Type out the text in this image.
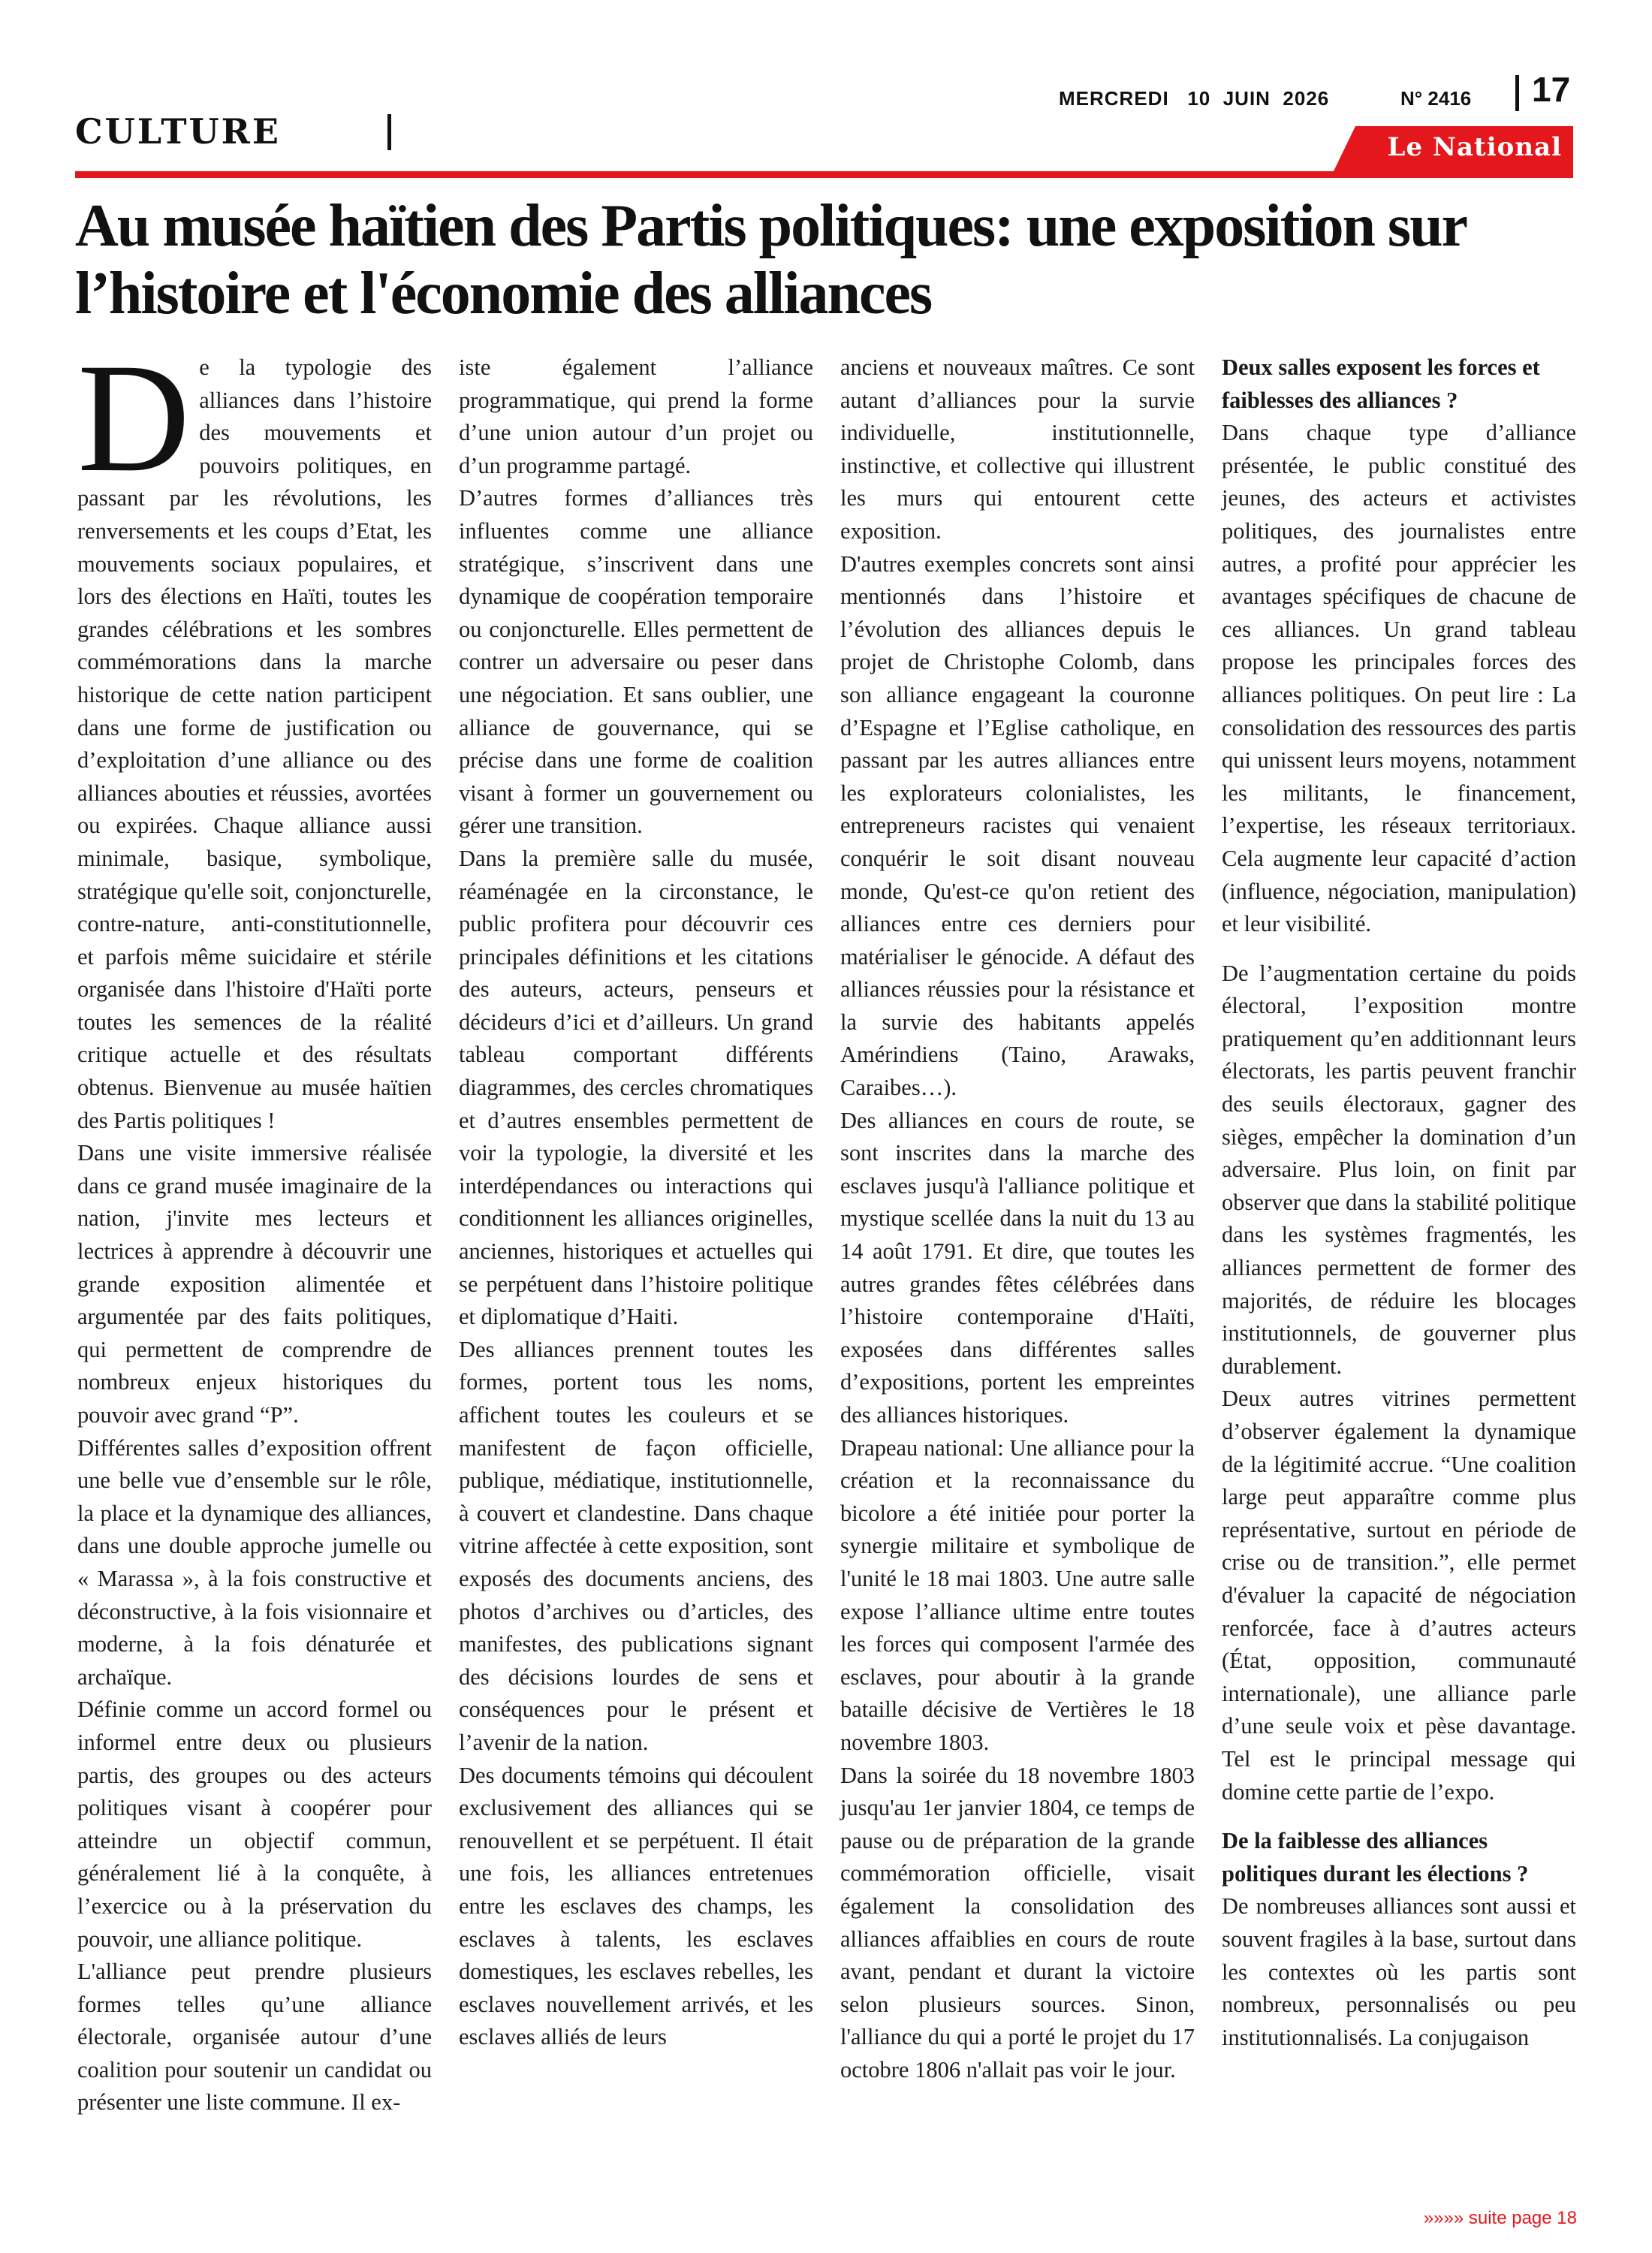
CULTURE
MERCREDI   10  JUIN  2026	N° 2416 17
Le National
Au musée haïtien des Partis politiques: une exposition sur l’histoire et l'économie des alliances

De la typologie des alliances dans l’histoire des mouvements et pouvoirs politiques, en passant par les révolutions, les renversements et les coups d’Etat, les mouvements sociaux populaires, et lors des élections en Haïti, toutes les grandes célébrations et les sombres commémorations dans la marche historique de cette nation participent dans une forme de justification ou d’exploitation d’une alliance ou des alliances abouties et réussies, avortées ou expirées. Chaque alliance aussi minimale, basique, symbolique, stratégique qu'elle soit, conjoncturelle, contre-nature, anti-constitutionnelle, et parfois même suicidaire et stérile organisée dans l'histoire d'Haïti porte toutes les semences de la réalité critique actuelle et des résultats obtenus. Bienvenue au musée haïtien des Partis politiques !

Dans une visite immersive réalisée dans ce grand musée imaginaire de la nation, j'invite mes lecteurs et lectrices à apprendre à découvrir une grande exposition alimentée et argumentée par des faits politiques, qui permettent de comprendre de nombreux enjeux historiques du pouvoir avec grand “P”.

Différentes salles d’exposition offrent une belle vue d’ensemble sur le rôle, la place et la dynamique des alliances, dans une double approche jumelle ou « Marassa », à la fois constructive et déconstructive, à la fois visionnaire et moderne, à la fois dénaturée et archaïque.

Définie comme un accord formel ou informel entre deux ou plusieurs partis, des groupes ou des acteurs politiques visant à coopérer pour atteindre un objectif commun, généralement lié à la conquête, à l’exercice ou à la préservation du pouvoir, une alliance politique.

L'alliance peut prendre plusieurs formes telles qu’une alliance électorale, organisée autour d’une coalition pour soutenir un candidat ou présenter une liste commune. Il ex-

iste également l’alliance programmatique, qui prend la forme d’une union autour d’un projet ou d’un programme partagé.

D’autres formes d’alliances très influentes comme une alliance stratégique, s’inscrivent dans une dynamique de coopération temporaire ou conjoncturelle. Elles permettent de contrer un adversaire ou peser dans une négociation. Et sans oublier, une alliance de gouvernance, qui se précise dans une forme de coalition visant à former un gouvernement ou gérer une transition.

Dans la première salle du musée, réaménagée en la circonstance, le public profitera pour découvrir ces principales définitions et les citations des auteurs, acteurs, penseurs et décideurs d’ici et d’ailleurs. Un grand tableau comportant différents diagrammes, des cercles chromatiques et d’autres ensembles permettent de voir la typologie, la diversité et les interdépendances ou interactions qui conditionnent les alliances originelles, anciennes, historiques et actuelles qui se perpétuent dans l’histoire politique et diplomatique d’Haiti.

Des alliances prennent toutes les formes, portent tous les noms, affichent toutes les couleurs et se manifestent de façon officielle, publique, médiatique, institutionnelle, à couvert et clandestine. Dans chaque vitrine affectée à cette exposition, sont exposés des documents anciens, des photos d’archives ou d’articles, des manifestes, des publications signant des décisions lourdes de sens et conséquences pour le présent et l’avenir de la nation.

Des documents témoins qui découlent exclusivement des alliances qui se renouvellent et se perpétuent. Il était une fois, les alliances entretenues entre les esclaves des champs, les esclaves à talents, les esclaves domestiques, les esclaves rebelles, les esclaves nouvellement arrivés, et les esclaves alliés de leurs

anciens et nouveaux maîtres. Ce sont autant d’alliances pour la survie individuelle, institutionnelle, instinctive, et collective qui illustrent les murs qui entourent cette exposition.

D'autres exemples concrets sont ainsi mentionnés dans l’histoire et l’évolution des alliances depuis le projet de Christophe Colomb, dans son alliance engageant la couronne d’Espagne et l’Eglise catholique, en passant par les autres alliances entre les explorateurs colonialistes, les entrepreneurs racistes qui venaient conquérir le soit disant nouveau monde, Qu'est-ce qu'on retient des alliances entre ces derniers pour matérialiser le génocide. A défaut des alliances réussies pour la résistance et la survie des habitants appelés Amérindiens (Taino, Arawaks, Caraibes…).

Des alliances en cours de route, se sont inscrites dans la marche des esclaves jusqu'à l'alliance politique et mystique scellée dans la nuit du 13 au 14 août 1791. Et dire, que toutes les autres grandes fêtes célébrées dans l’histoire contemporaine d'Haïti, exposées dans différentes salles d’expositions, portent les empreintes des alliances historiques.

Drapeau national: Une alliance pour la création et la reconnaissance du bicolore a été initiée pour porter la synergie militaire et symbolique de l'unité le 18 mai 1803. Une autre salle expose l’alliance ultime entre toutes les forces qui composent l'armée des esclaves, pour aboutir à la grande bataille décisive de Vertières le 18 novembre 1803.

Dans la soirée du 18 novembre 1803 jusqu'au 1er janvier 1804, ce temps de pause ou de préparation de la grande commémoration officielle, visait également la consolidation des alliances affaiblies en cours de route avant, pendant et durant la victoire selon plusieurs sources. Sinon, l'alliance du qui a porté le projet du 17 octobre 1806 n'allait pas voir le jour.

Deux salles exposent les forces et faiblesses des alliances ?

Dans chaque type d’alliance présentée, le public constitué des jeunes, des acteurs et activistes politiques, des journalistes entre autres, a profité pour apprécier les avantages spécifiques de chacune de ces alliances. Un grand tableau propose les principales forces des alliances politiques. On peut lire : La consolidation des ressources des partis qui unissent leurs moyens, notamment les militants, le financement, l’expertise, les réseaux territoriaux. Cela augmente leur capacité d’action (influence, négociation, manipulation) et leur visibilité.

De l’augmentation certaine du poids électoral, l’exposition montre pratiquement qu’en additionnant leurs électorats, les partis peuvent franchir des seuils électoraux, gagner des sièges, empêcher la domination d’un adversaire. Plus loin, on finit par observer que dans la stabilité politique dans les systèmes fragmentés, les alliances permettent de former des majorités, de réduire les blocages institutionnels, de gouverner plus durablement.

Deux autres vitrines permettent d’observer également la dynamique de la légitimité accrue. “Une coalition large peut apparaître comme plus représentative, surtout en période de crise ou de transition.”, elle permet d'évaluer la capacité de négociation renforcée, face à d’autres acteurs (État, opposition, communauté internationale), une alliance parle d’une seule voix et pèse davantage. Tel est le principal message qui domine cette partie de l’expo.

De la faiblesse des alliances politiques durant les élections ?

De nombreuses alliances sont aussi et souvent fragiles à la base, surtout dans les contextes où les partis sont nombreux, personnalisés ou peu institutionnalisés. La conjugaison

»»»» suite page 18
